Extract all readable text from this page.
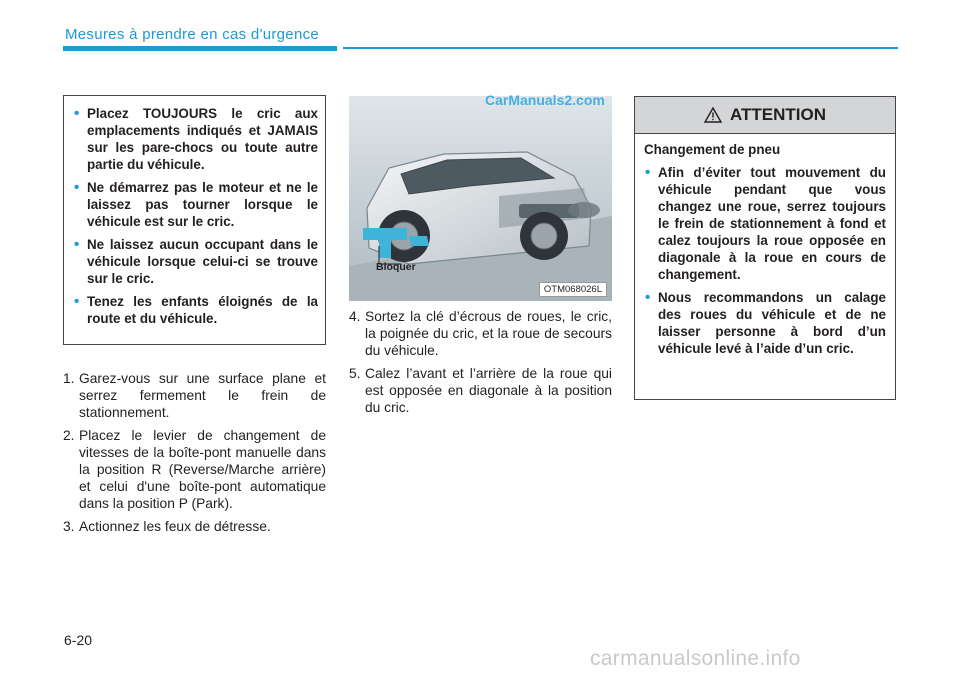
Mesures à prendre en cas d'urgence
• Placez TOUJOURS le cric aux emplacements indiqués et JAMAIS sur les pare-chocs ou toute autre partie du véhicule.
• Ne démarrez pas le moteur et ne le laissez pas tourner lorsque le véhicule est sur le cric.
• Ne laissez aucun occupant dans le véhicule lorsque celui-ci se trouve sur le cric.
• Tenez les enfants éloignés de la route et du véhicule.
1. Garez-vous sur une surface plane et serrez fermement le frein de stationnement.
2. Placez le levier de changement de vitesses de la boîte-pont manuelle dans la position R (Reverse/Marche arrière) et celui d'une boîte-pont automatique dans la position P (Park).
3. Actionnez les feux de détresse.
Bloquer
OTM068026L
CarManuals2.com
4. Sortez la clé d’écrous de roues, le cric, la poignée du cric, et la roue de secours du véhicule.
5. Calez l’avant et l’arrière de la roue qui est opposée en diagonale à la position du cric.
ATTENTION

Changement de pneu

• Afin d’éviter tout mouvement du véhicule pendant que vous changez une roue, serrez toujours le frein de stationnement à fond et calez toujours la roue opposée en diagonale à la roue en cours de changement.
• Nous recommandons un calage des roues du véhicule et de ne laisser personne à bord d’un véhicule levé à l’aide d’un cric.
6-20
carmanualsonline.info
